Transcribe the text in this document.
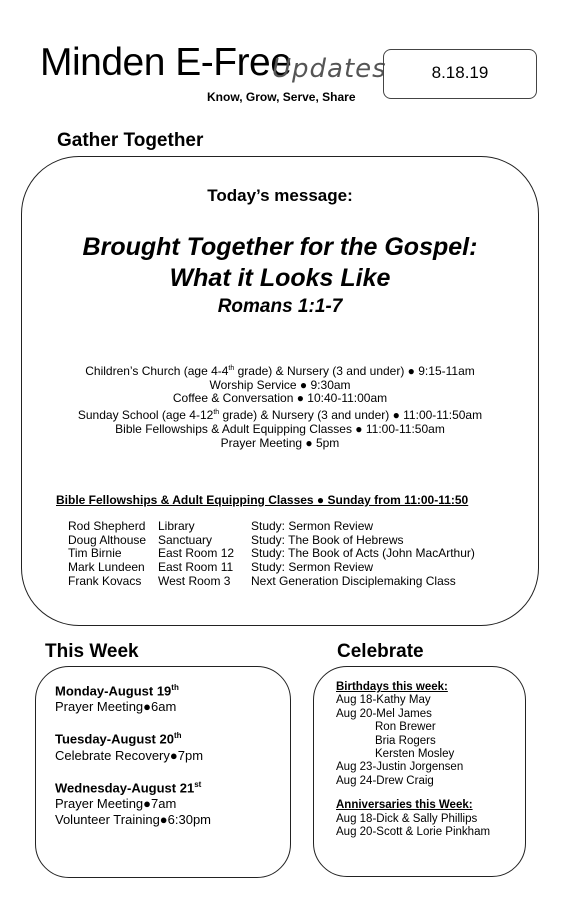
Minden E-Free
Updates
Know, Grow, Serve, Share
8.18.19
Gather Together
Today’s message:
Brought Together for the Gospel:
What it Looks Like
Romans 1:1-7
Children’s Church (age 4-4th grade) & Nursery (3 and under) ● 9:15-11am
Worship Service ● 9:30am
Coffee & Conversation ● 10:40-11:00am
Sunday School (age 4-12th grade) & Nursery (3 and under) ● 11:00-11:50am
Bible Fellowships & Adult Equipping Classes ● 11:00-11:50am
Prayer Meeting ● 5pm
Bible Fellowships & Adult Equipping Classes ● Sunday from 11:00-11:50
Rod Shepherd	Library	Study: Sermon Review
Doug Althouse	Sanctuary	Study: The Book of Hebrews
Tim Birnie	East Room 12	Study: The Book of Acts (John MacArthur)
Mark Lundeen	East Room 11	Study: Sermon Review
Frank Kovacs	West Room 3	Next Generation Disciplemaking Class
This Week
Monday-August 19th
Prayer Meeting●6am
Tuesday-August 20th
Celebrate Recovery●7pm
Wednesday-August 21st
Prayer Meeting●7am
Volunteer Training●6:30pm
Celebrate
Birthdays this week:
Aug 18-Kathy May
Aug 20-Mel James
Ron Brewer
Bria Rogers
Kersten Mosley
Aug 23-Justin Jorgensen
Aug 24-Drew Craig
Anniversaries this Week:
Aug 18-Dick & Sally Phillips
Aug 20-Scott & Lorie Pinkham
